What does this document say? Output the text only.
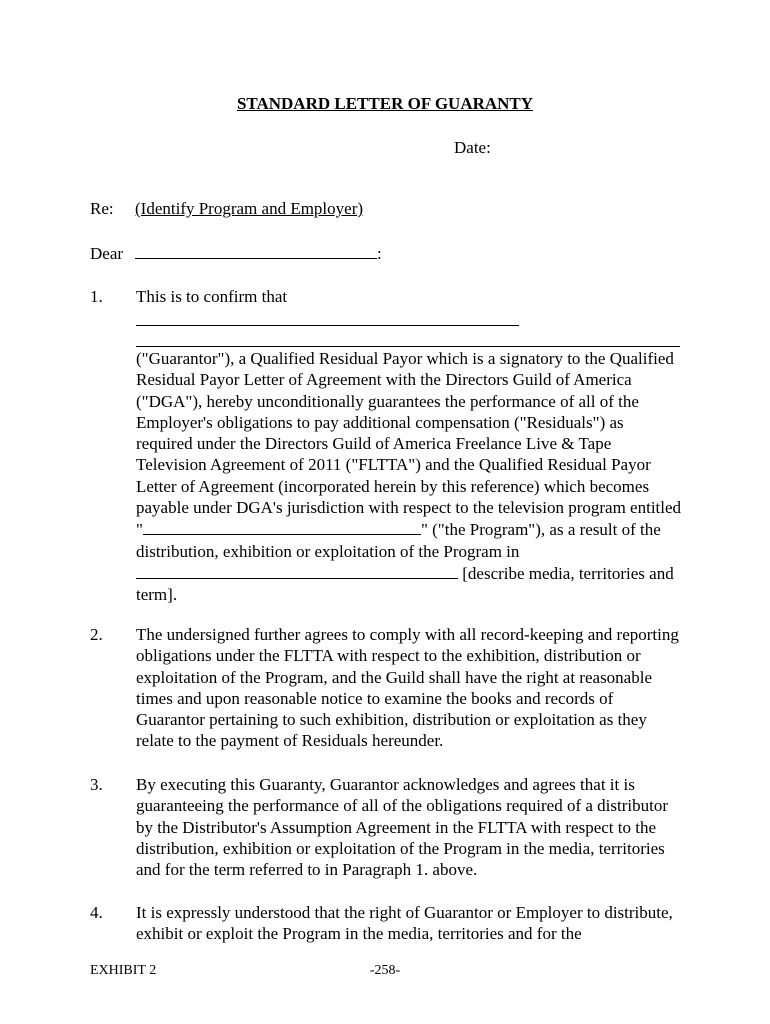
STANDARD LETTER OF GUARANTY
Date:
Re: (Identify Program and Employer)
Dear	:
1. This is to confirm that
("Guarantor"), a Qualified Residual Payor which is a signatory to the Qualified Residual Payor Letter of Agreement with the Directors Guild of America ("DGA"), hereby unconditionally guarantees the performance of all of the Employer's obligations to pay additional compensation ("Residuals") as required under the Directors Guild of America Freelance Live & Tape Television Agreement of 2011 ("FLTTA") and the Qualified Residual Payor Letter of Agreement (incorporated herein by this reference) which becomes payable under DGA's jurisdiction with respect to the television program entitled "	" ("the Program"), as a result of the distribution, exhibition or exploitation of the Program in  [describe media, territories and term].
2. The undersigned further agrees to comply with all record-keeping and reporting obligations under the FLTTA with respect to the exhibition, distribution or exploitation of the Program, and the Guild shall have the right at reasonable times and upon reasonable notice to examine the books and records of Guarantor pertaining to such exhibition, distribution or exploitation as they relate to the payment of Residuals hereunder.
3. By executing this Guaranty, Guarantor acknowledges and agrees that it is guaranteeing the performance of all of the obligations required of a distributor by the Distributor's Assumption Agreement in the FLTTA with respect to the distribution, exhibition or exploitation of the Program in the media, territories and for the term referred to in Paragraph 1. above.
4. It is expressly understood that the right of Guarantor or Employer to distribute, exhibit or exploit the Program in the media, territories and for the
EXHIBIT 2	-258-
